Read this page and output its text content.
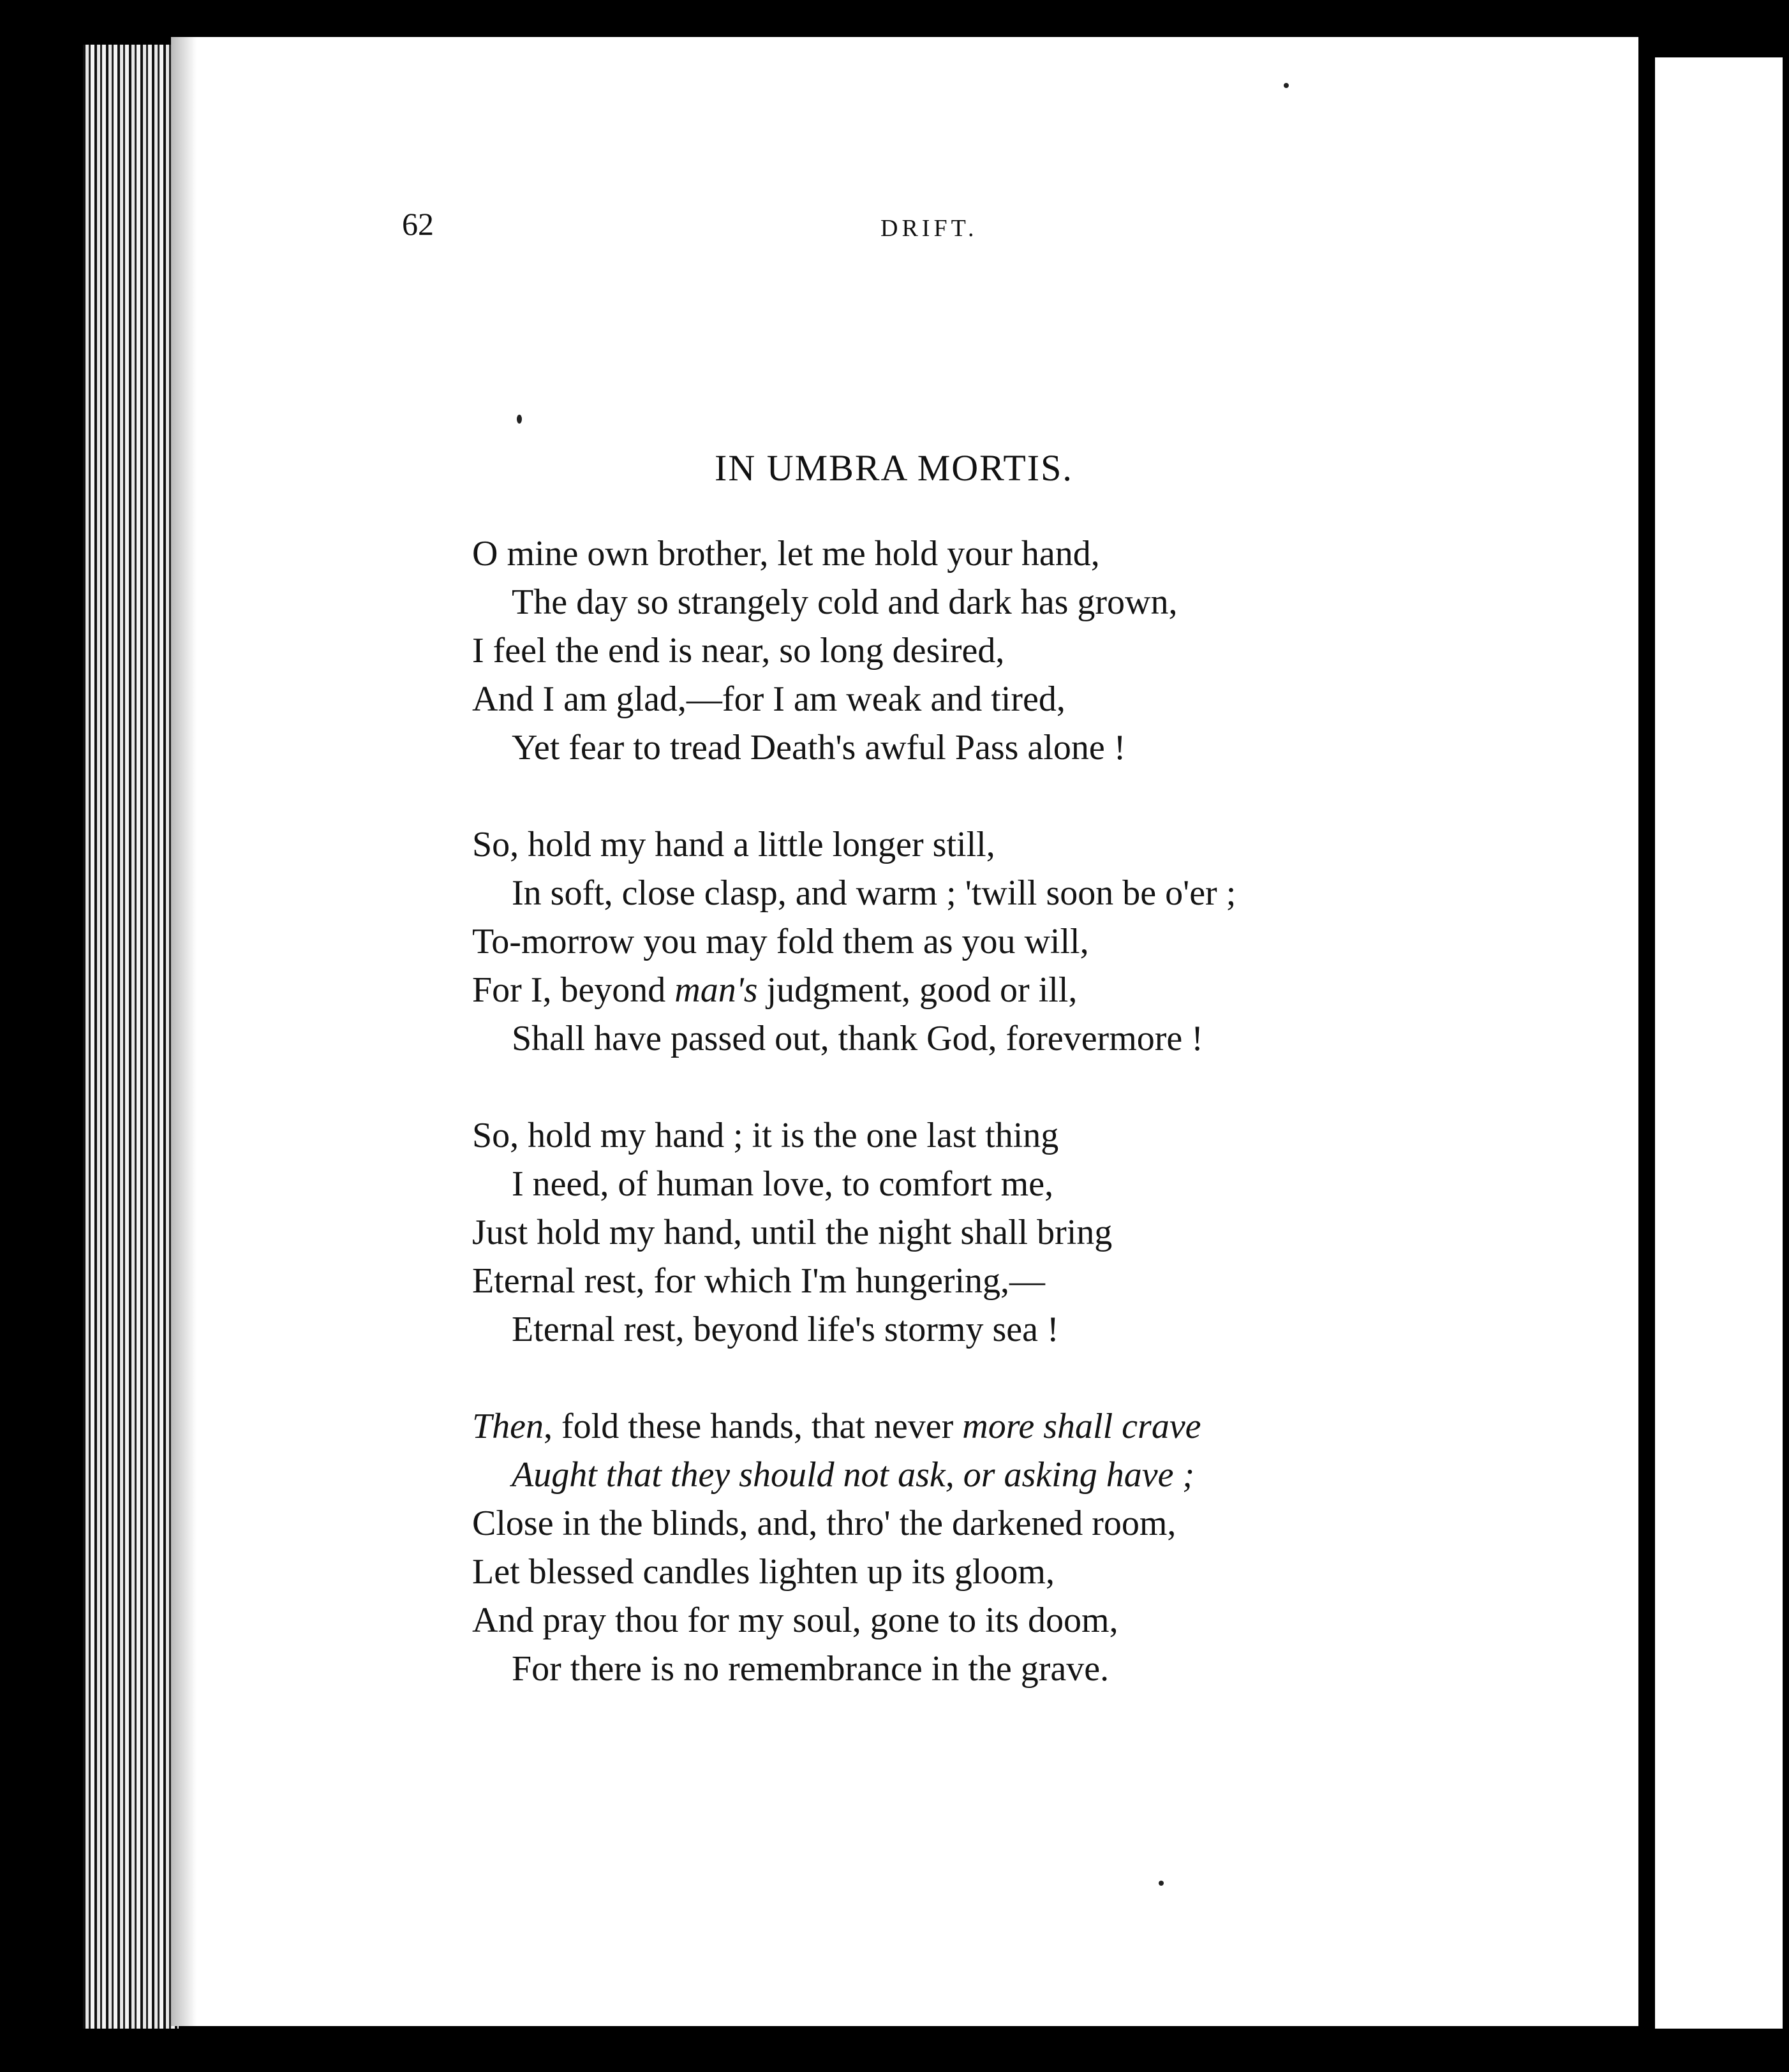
62	DRIFT.
IN UMBRA MORTIS.
O mine own brother, let me hold your hand,
The day so strangely cold and dark has grown,
I feel the end is near, so long desired,
And I am glad,—for I am weak and tired,
Yet fear to tread Death's awful Pass alone !
So, hold my hand a little longer still,
In soft, close clasp, and warm ; 'twill soon be o'er ;
To-morrow you may fold them as you will,
For I, beyond man's judgment, good or ill,
Shall have passed out, thank God, forevermore !
So, hold my hand ; it is the one last thing
I need, of human love, to comfort me,
Just hold my hand, until the night shall bring
Eternal rest, for which I'm hungering,—
Eternal rest, beyond life's stormy sea !
Then, fold these hands, that never more shall crave
Aught that they should not ask, or asking have ;
Close in the blinds, and, thro' the darkened room,
Let blessed candles lighten up its gloom,
And pray thou for my soul, gone to its doom,
For there is no remembrance in the grave.
